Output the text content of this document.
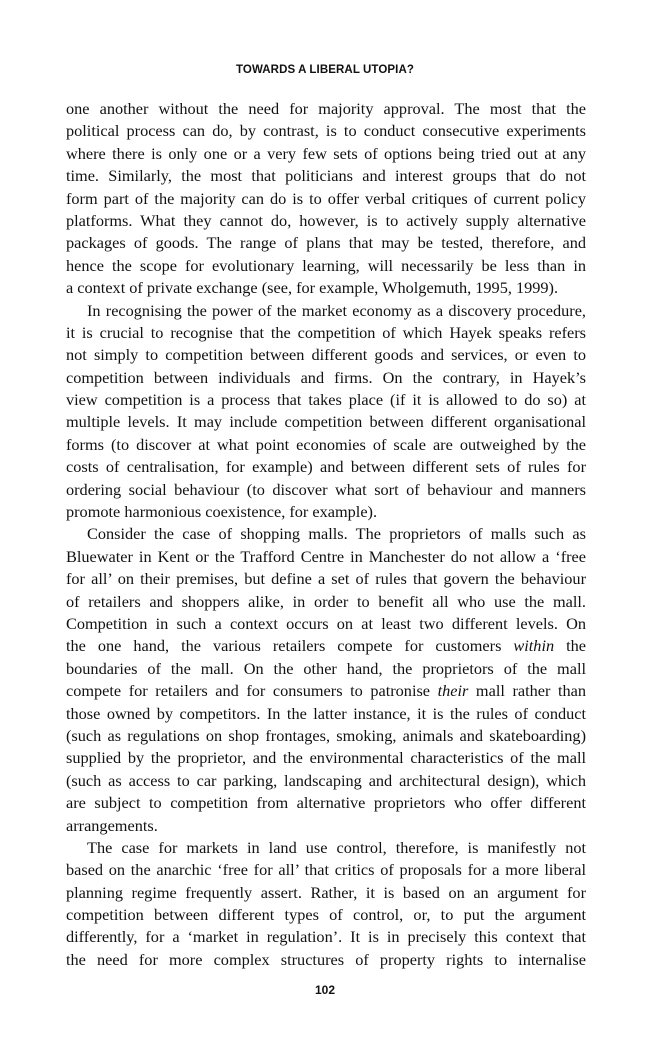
TOWARDS A LIBERAL UTOPIA?
one another without the need for majority approval. The most that the
political process can do, by contrast, is to conduct consecutive experiments
where there is only one or a very few sets of options being tried out at any
time. Similarly, the most that politicians and interest groups that do not
form part of the majority can do is to offer verbal critiques of current policy
platforms. What they cannot do, however, is to actively supply alternative
packages of goods. The range of plans that may be tested, therefore, and
hence the scope for evolutionary learning, will necessarily be less than in
a context of private exchange (see, for example, Wholgemuth, 1995, 1999).
In recognising the power of the market economy as a discovery procedure,
it is crucial to recognise that the competition of which Hayek speaks refers
not simply to competition between different goods and services, or even to
competition between individuals and firms. On the contrary, in Hayek’s
view competition is a process that takes place (if it is allowed to do so) at
multiple levels. It may include competition between different organisational
forms (to discover at what point economies of scale are outweighed by the
costs of centralisation, for example) and between different sets of rules for
ordering social behaviour (to discover what sort of behaviour and manners
promote harmonious coexistence, for example).
Consider the case of shopping malls. The proprietors of malls such as
Bluewater in Kent or the Trafford Centre in Manchester do not allow a ‘free
for all’ on their premises, but define a set of rules that govern the behaviour
of retailers and shoppers alike, in order to benefit all who use the mall.
Competition in such a context occurs on at least two different levels. On
the one hand, the various retailers compete for customers within the
boundaries of the mall. On the other hand, the proprietors of the mall
compete for retailers and for consumers to patronise their mall rather than
those owned by competitors. In the latter instance, it is the rules of conduct
(such as regulations on shop frontages, smoking, animals and skateboarding)
supplied by the proprietor, and the environmental characteristics of the mall
(such as access to car parking, landscaping and architectural design), which
are subject to competition from alternative proprietors who offer different
arrangements.
The case for markets in land use control, therefore, is manifestly not
based on the anarchic ‘free for all’ that critics of proposals for a more liberal
planning regime frequently assert. Rather, it is based on an argument for
competition between different types of control, or, to put the argument
differently, for a ‘market in regulation’. It is in precisely this context that
the need for more complex structures of property rights to internalise
102
